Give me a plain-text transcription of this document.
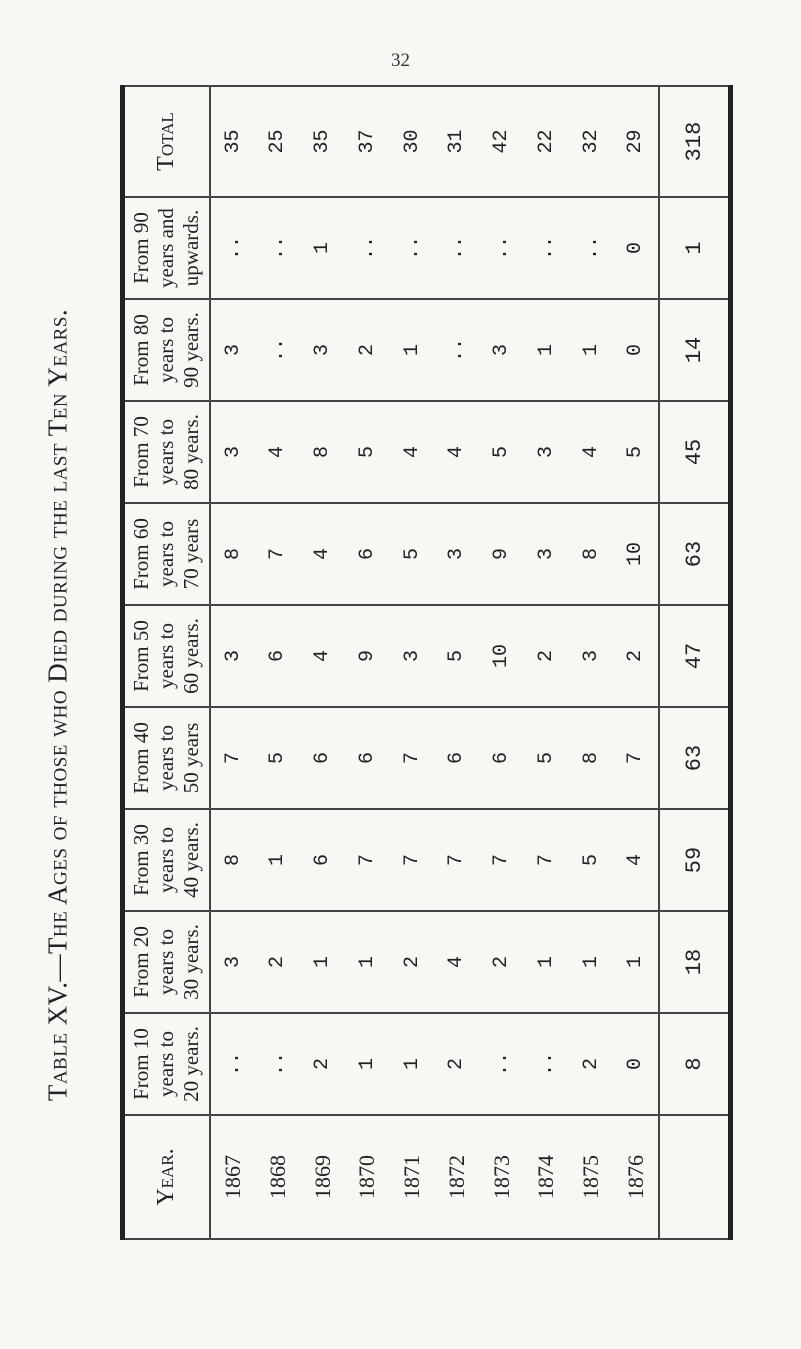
32
Table XV.—The Ages of those who Died during the last Ten Years.
Year.	From 10 years to 20 years.	From 20 years to 30 years.	From 30 years to 40 years.	From 40 years to 50 years	From 50 years to 60 years.	From 60 years to 70 years	From 70 years to 80 years.	From 80 years to 90 years.	From 90 years and upwards.	Total
1867	..	3	8	7	3	8	3	3	..	35
1868	..	2	1	5	6	7	4	..	..	25
1869	2	1	6	6	4	4	8	3	1	35
1870	1	1	7	6	9	6	5	2	..	37
1871	1	2	7	7	3	5	4	1	..	30
1872	2	4	7	6	5	3	4	..	..	31
1873	..	2	7	6	10	9	5	3	..	42
1874	..	1	7	5	2	3	3	1	..	22
1875	2	1	5	8	3	8	4	1	..	32
1876	0	1	4	7	2	10	5	0	0	29
	8	18	59	63	47	63	45	14	1	318
